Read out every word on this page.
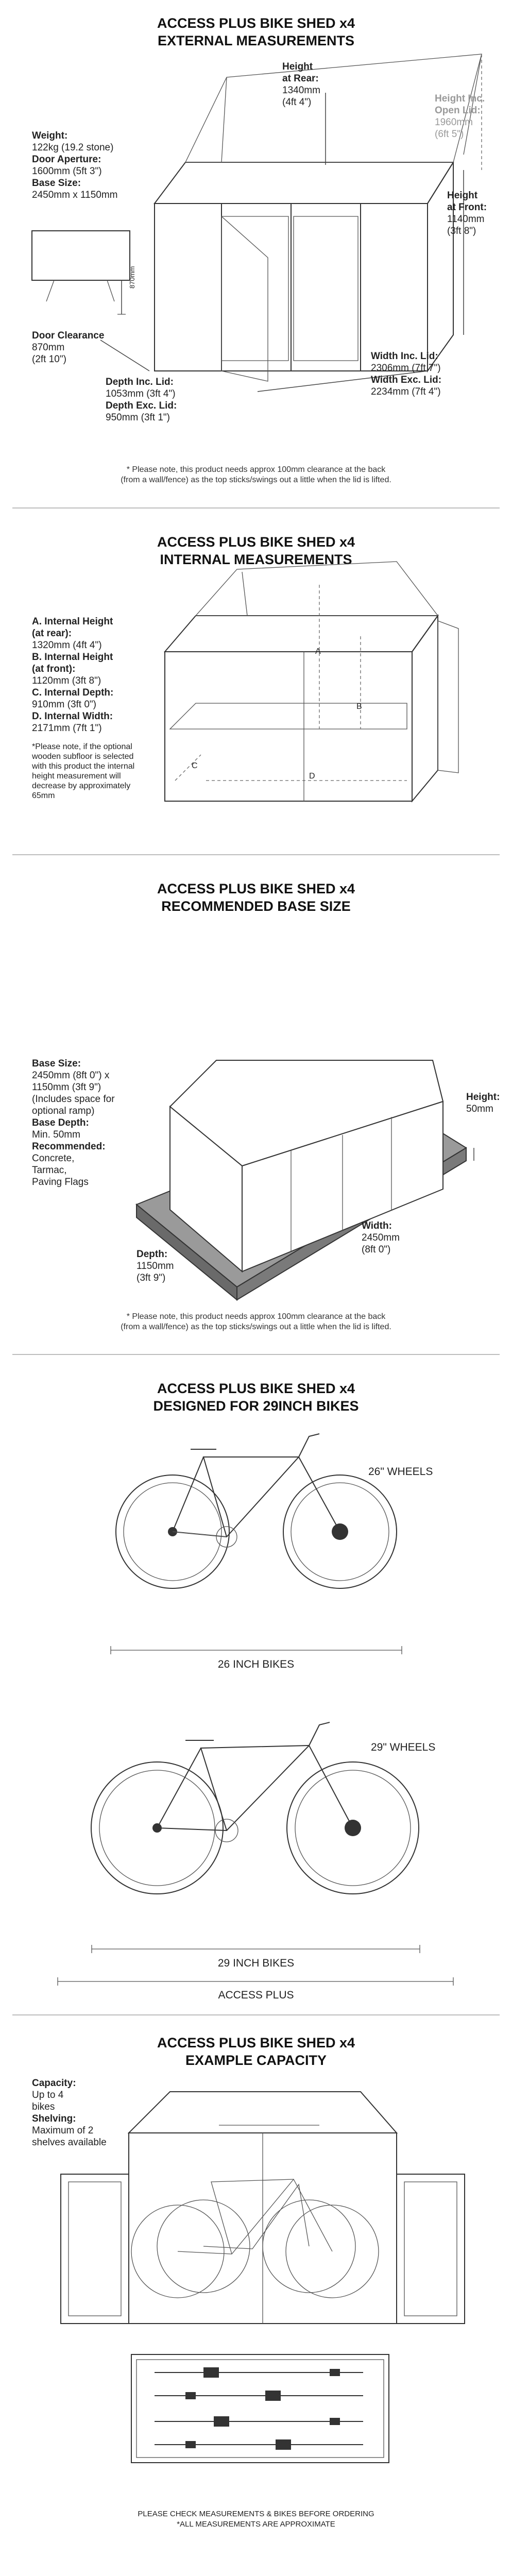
ACCESS PLUS BIKE SHED x4
EXTERNAL MEASUREMENTS
Height
at Rear:
1340mm
(4ft 4")	Height Inc.
Open Lid:
1960mm
(6ft 5")
Height
at Front:
1140mm
(3ft 8")
Weight:
122kg (19.2 stone)
Door Aperture:
1600mm (5ft 3")
Base Size:
2450mm x 1150mm
870mm
Door Clearance
870mm
(2ft 10")
Depth Inc. Lid:
1053mm (3ft 4")
Depth Exc. Lid:
950mm (3ft 1")
Width Inc. Lid:
2306mm (7ft 7")
Width Exc. Lid:
2234mm (7ft 4")
* Please note, this product needs approx 100mm clearance at the back
(from a wall/fence) as the top sticks/swings out a little when the lid is lifted.
ACCESS PLUS BIKE SHED x4
INTERNAL MEASUREMENTS
A
B
C
D
A. Internal Height
(at rear):
1320mm (4ft 4")
B. Internal Height
(at front):
1120mm (3ft 8")
C. Internal Depth:
910mm (3ft 0")
D. Internal Width:
2171mm (7ft 1")
*Please note, if the optional wooden subfloor is selected with this product the internal height measurement will decrease by approximately 65mm
ACCESS PLUS BIKE SHED x4
RECOMMENDED BASE SIZE
Base Size:
2450mm (8ft 0") x
1150mm (3ft 9")
(Includes space for
optional ramp)
Base Depth:
Min. 50mm
Recommended:
Concrete,
Tarmac,
Paving Flags
Height:
50mm
Width:
2450mm
(8ft 0")
Depth:
1150mm
(3ft 9")
* Please note, this product needs approx 100mm clearance at the back
(from a wall/fence) as the top sticks/swings out a little when the lid is lifted.
ACCESS PLUS BIKE SHED x4
DESIGNED FOR 29INCH BIKES
26" WHEELS
26 INCH BIKES
29" WHEELS
29 INCH BIKES
ACCESS PLUS
ACCESS PLUS BIKE SHED x4
EXAMPLE CAPACITY
Capacity:
Up to 4
bikes
Shelving:
Maximum of 2
shelves available
PLEASE CHECK MEASUREMENTS & BIKES BEFORE ORDERING
*ALL MEASUREMENTS ARE APPROXIMATE
